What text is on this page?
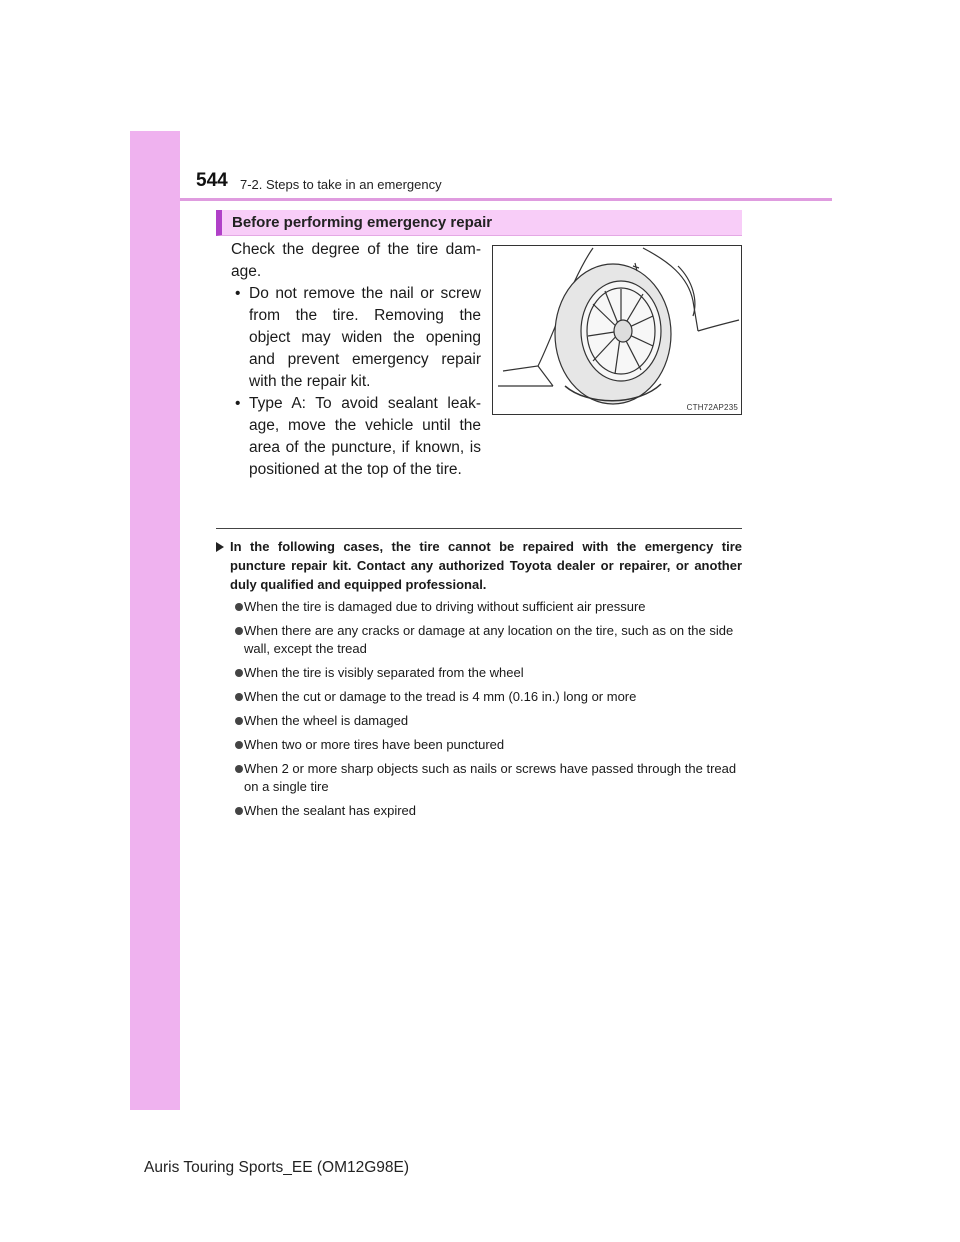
544 7-2. Steps to take in an emergency
Before performing emergency repair

Check the degree of the tire dam-age.

• Do not remove the nail or screw from the tire. Removing the object may widen the opening and prevent emergency repair with the repair kit.

• Type A: To avoid sealant leak-age, move the vehicle until the area of the puncture, if known, is positioned at the top of the tire.

CTH72AP235

In the following cases, the tire cannot be repaired with the emergency tire puncture repair kit. Contact any authorized Toyota dealer or repairer, or another duly qualified and equipped professional.

When the tire is damaged due to driving without sufficient air pressure
When there are any cracks or damage at any location on the tire, such as on the side wall, except the tread
When the tire is visibly separated from the wheel
When the cut or damage to the tread is 4 mm (0.16 in.) long or more
When the wheel is damaged
When two or more tires have been punctured
When 2 or more sharp objects such as nails or screws have passed through the tread on a single tire
When the sealant has expired
Auris Touring Sports_EE (OM12G98E)
